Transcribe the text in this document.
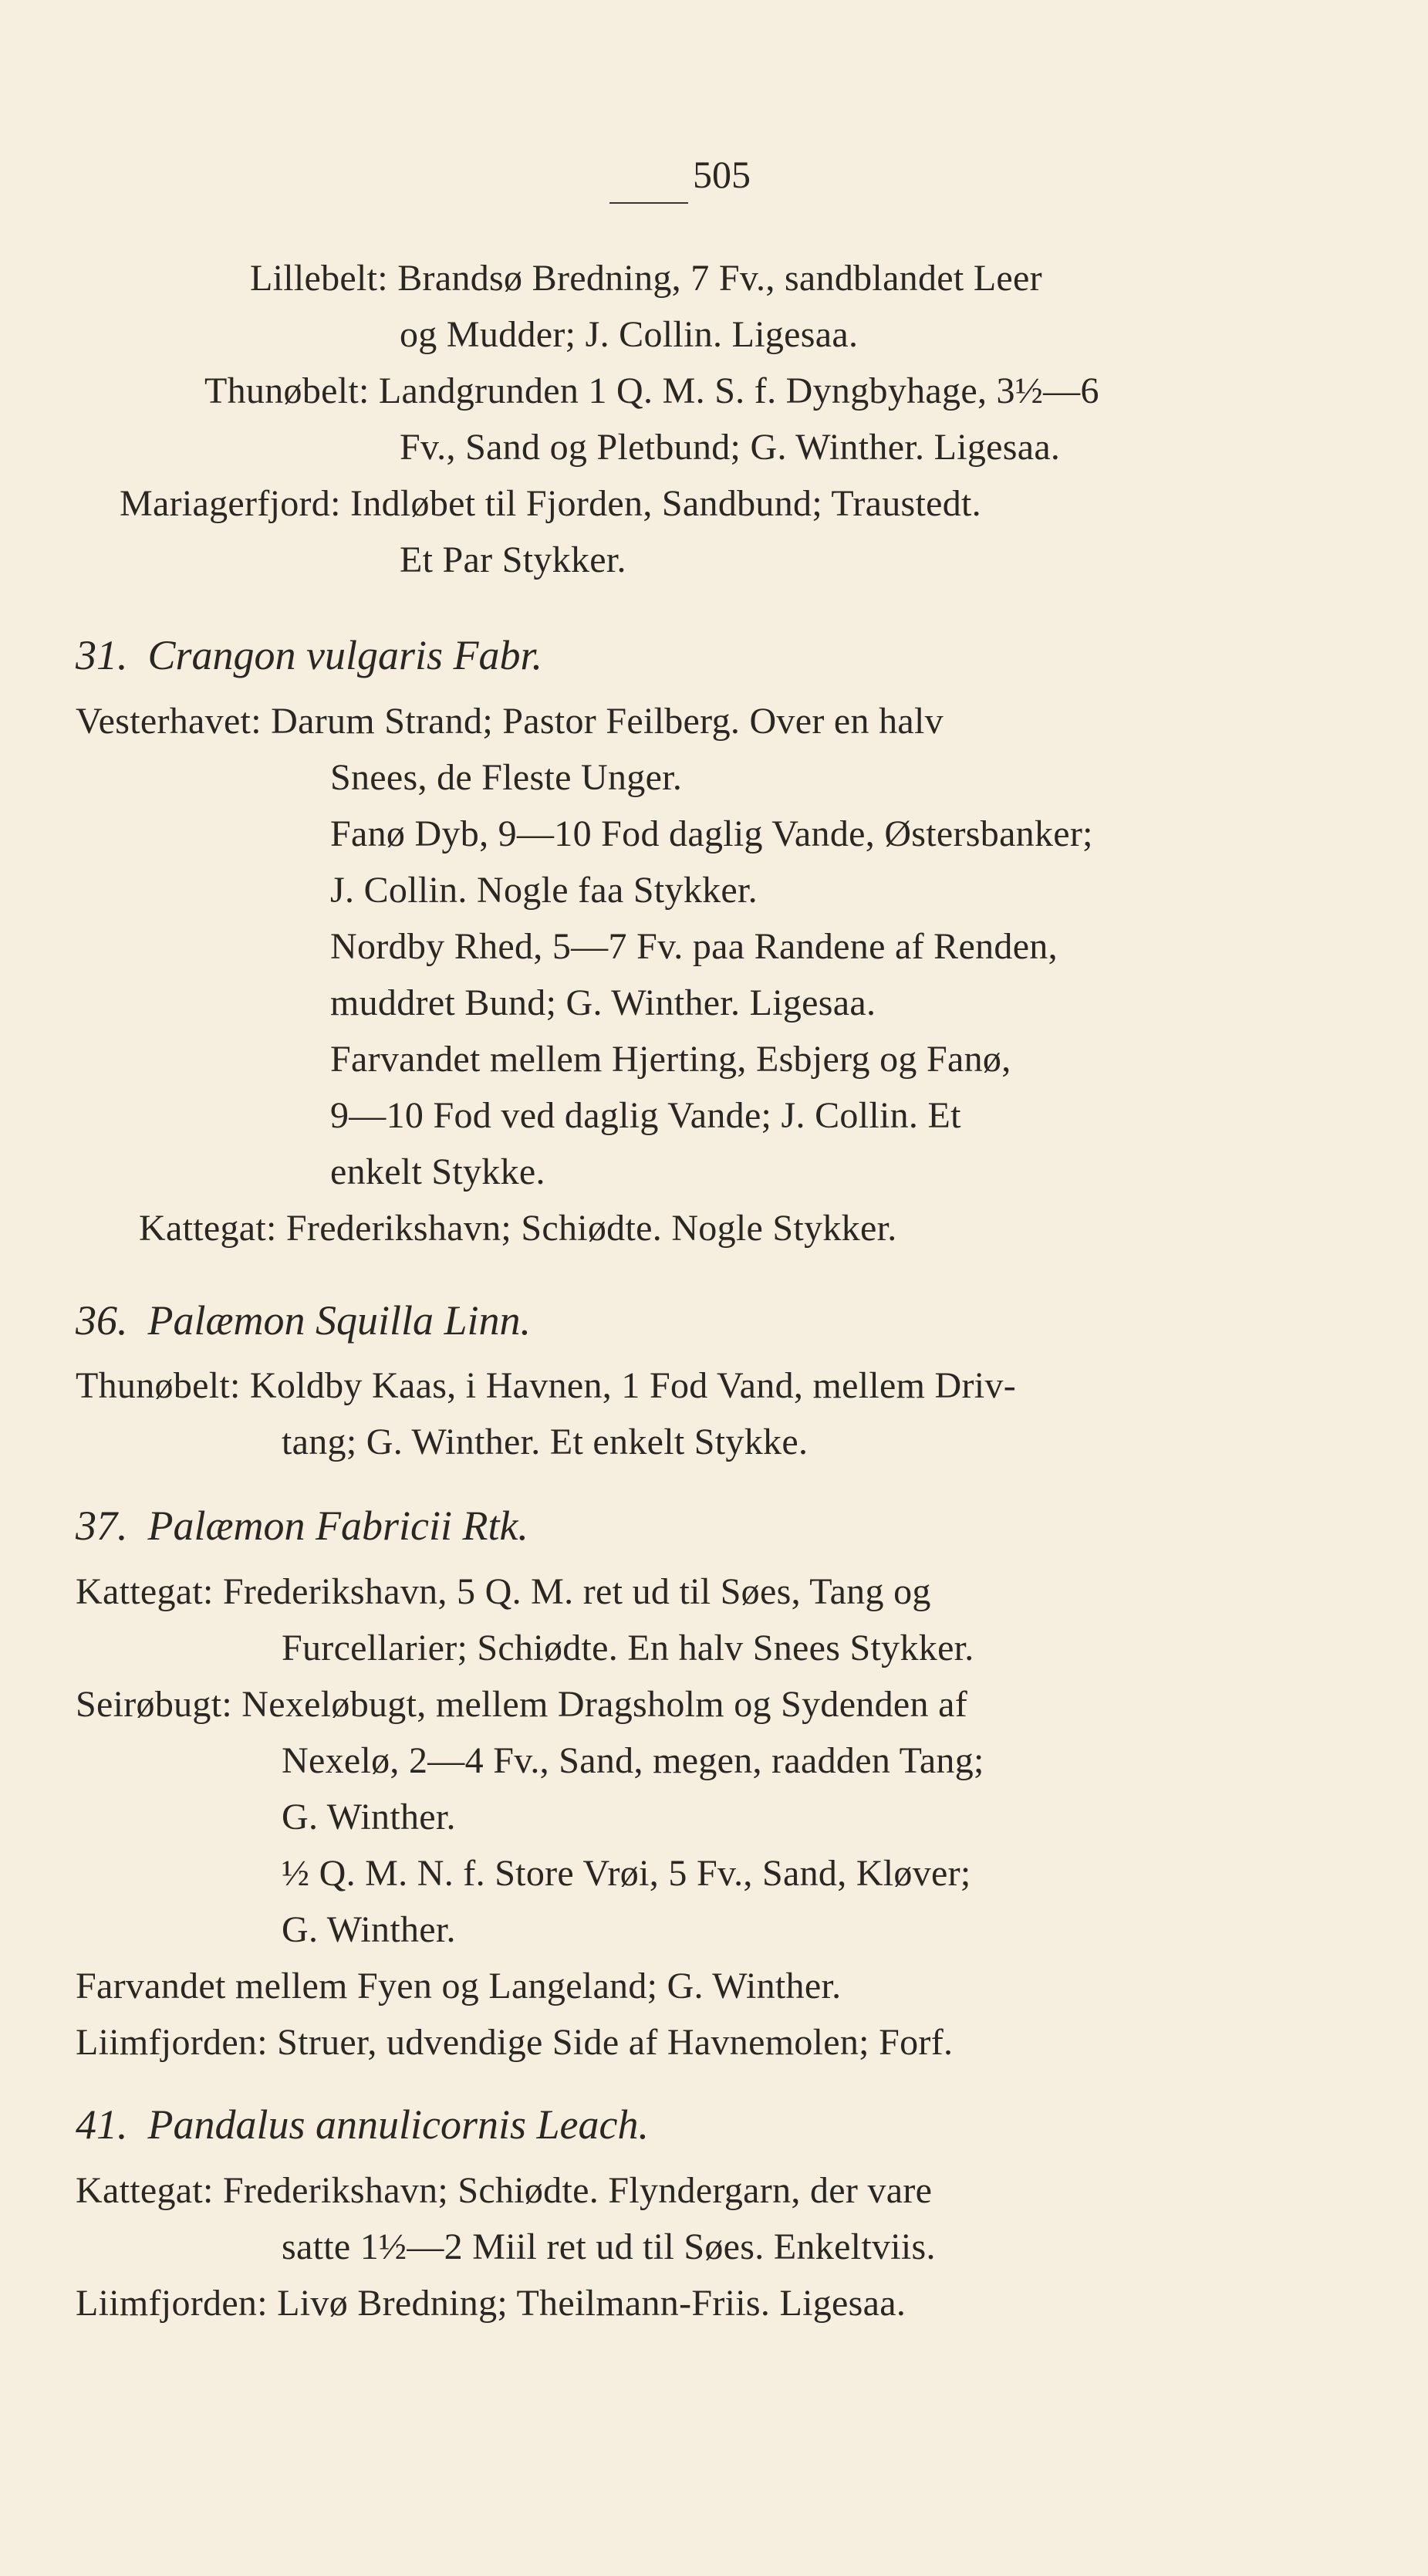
505
Lillebelt: Brandsø Bredning, 7 Fv., sandblandet Leer
og Mudder; J. Collin. Ligesaa.
Thunøbelt: Landgrunden 1 Q. M. S. f. Dyngbyhage, 3½—6
Fv., Sand og Pletbund; G. Winther. Ligesaa.
Mariagerfjord: Indløbet til Fjorden, Sandbund; Traustedt.
Et Par Stykker.
31. Crangon vulgaris Fabr.
Vesterhavet: Darum Strand; Pastor Feilberg. Over en halv
Snees, de Fleste Unger.
Fanø Dyb, 9—10 Fod daglig Vande, Østersbanker;
J. Collin. Nogle faa Stykker.
Nordby Rhed, 5—7 Fv. paa Randene af Renden,
muddret Bund; G. Winther. Ligesaa.
Farvandet mellem Hjerting, Esbjerg og Fanø,
9—10 Fod ved daglig Vande; J. Collin. Et
enkelt Stykke.
Kattegat: Frederikshavn; Schiødte. Nogle Stykker.
36. Palæmon Squilla Linn.
Thunøbelt: Koldby Kaas, i Havnen, 1 Fod Vand, mellem Driv-
tang; G. Winther. Et enkelt Stykke.
37. Palæmon Fabricii Rtk.
Kattegat: Frederikshavn, 5 Q. M. ret ud til Søes, Tang og
Furcellarier; Schiødte. En halv Snees Stykker.
Seirøbugt: Nexeløbugt, mellem Dragsholm og Sydenden af
Nexelø, 2—4 Fv., Sand, megen, raadden Tang;
G. Winther.
½ Q. M. N. f. Store Vrøi, 5 Fv., Sand, Kløver;
G. Winther.
Farvandet mellem Fyen og Langeland; G. Winther.
Liimfjorden: Struer, udvendige Side af Havnemolen; Forf.
41. Pandalus annulicornis Leach.
Kattegat: Frederikshavn; Schiødte. Flyndergarn, der vare
satte 1½—2 Miil ret ud til Søes. Enkeltviis.
Liimfjorden: Livø Bredning; Theilmann-Friis. Ligesaa.
